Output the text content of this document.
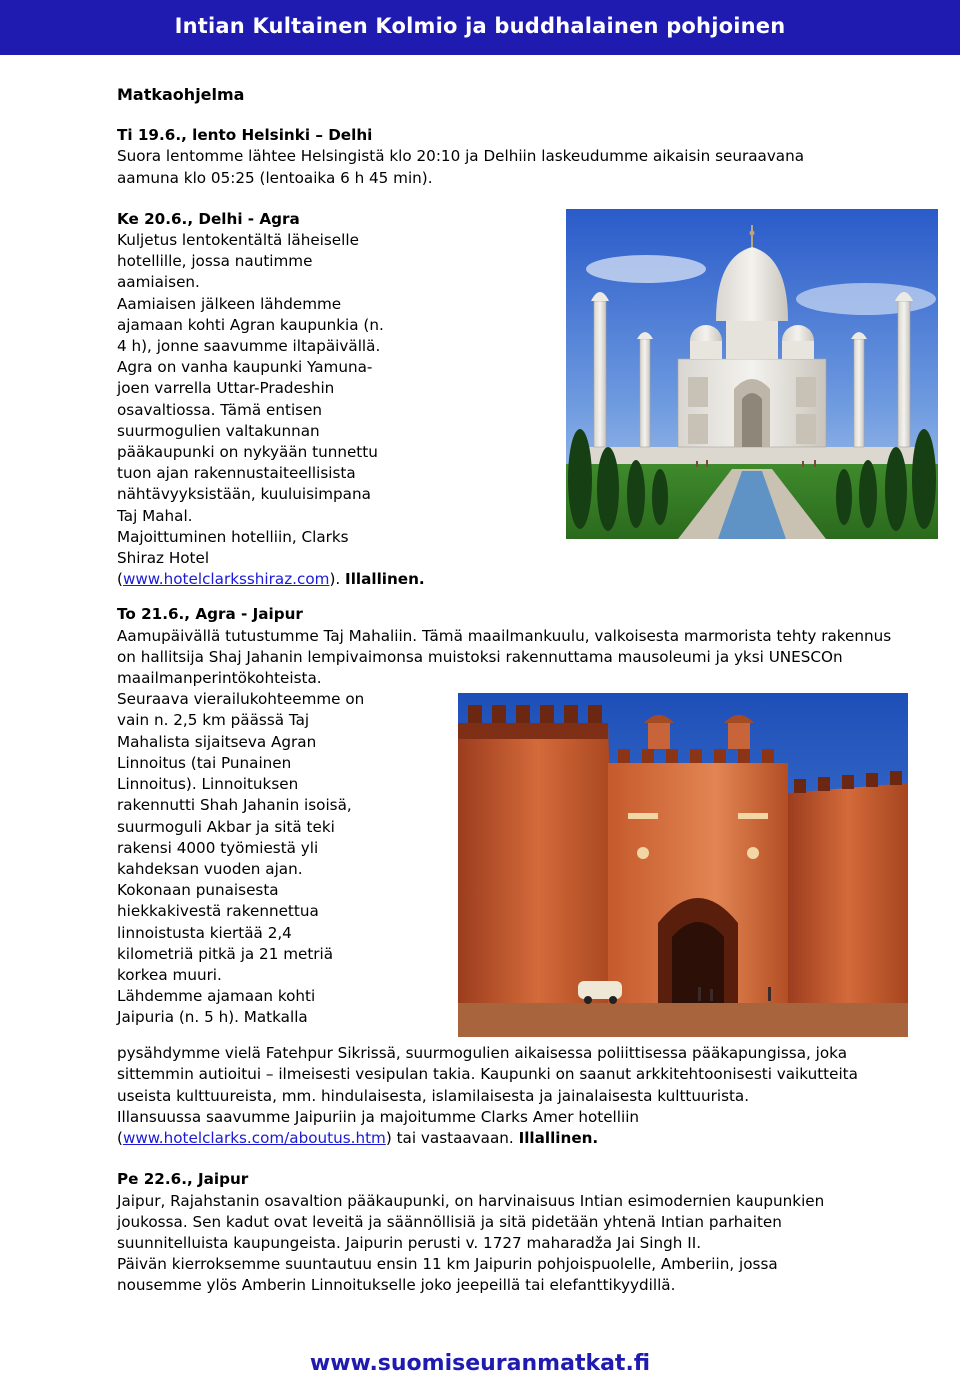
Intian Kultainen Kolmio ja buddhalainen pohjoinen

Matkaohjelma

Ti 19.6., lento Helsinki – Delhi

Suora lentomme lähtee Helsingistä klo 20:10 ja Delhiin laskeudumme aikaisin seuraavana

aamuna klo 05:25 (lentoaika 6 h 45 min).

Ke 20.6., Delhi - Agra

Kuljetus lentokentältä läheiselle

hotellille, jossa nautimme

aamiaisen.

Aamiaisen jälkeen lähdemme

ajamaan kohti Agran kaupunkia (n.

4 h), jonne saavumme iltapäivällä.

Agra on vanha kaupunki Yamuna-

joen varrella Uttar-Pradeshin

osavaltiossa. Tämä entisen

suurmogulien valtakunnan

pääkaupunki on nykyään tunnettu

tuon ajan rakennustaiteellisista

nähtävyyksistään, kuuluisimpana

Taj Mahal.

Majoittuminen hotelliin, Clarks

Shiraz Hotel

(www.hotelclarksshiraz.com). Illallinen.

To 21.6., Agra - Jaipur

Aamupäivällä tutustumme Taj Mahaliin. Tämä maailmankuulu, valkoisesta marmorista tehty rakennus

on hallitsija Shaj Jahanin lempivaimonsa muistoksi rakennuttama mausoleumi ja yksi UNESCOn

maailmanperintökohteista.

Seuraava vierailukohteemme on

vain n. 2,5 km päässä Taj

Mahalista sijaitseva Agran

Linnoitus (tai Punainen

Linnoitus). Linnoituksen

rakennutti Shah Jahanin isoisä,

suurmoguli Akbar ja sitä teki

rakensi 4000 työmiestä yli

kahdeksan vuoden ajan.

Kokonaan punaisesta

hiekkakivestä rakennettua

linnoistusta kiertää 2,4

kilometriä pitkä ja 21 metriä

korkea muuri.

Lähdemme ajamaan kohti

Jaipuria (n. 5 h). Matkalla

pysähdymme vielä Fatehpur Sikrissä, suurmogulien aikaisessa poliittisessa pääkapungissa, joka

sittemmin autioitui – ilmeisesti vesipulan takia. Kaupunki on saanut arkkitehtoonisesti vaikutteita

useista kulttuureista, mm. hindulaisesta, islamilaisesta ja jainalaisesta kulttuurista.

Illansuussa saavumme Jaipuriin ja majoitumme Clarks Amer hotelliin

(www.hotelclarks.com/aboutus.htm) tai vastaavaan. Illallinen.

Pe 22.6., Jaipur

Jaipur, Rajahstanin osavaltion pääkaupunki, on harvinaisuus Intian esimodernien kaupunkien

joukossa. Sen kadut ovat leveitä ja säännöllisiä ja sitä pidetään yhtenä Intian parhaiten

suunnitelluista kaupungeista. Jaipurin perusti v. 1727 maharadža Jai Singh II.

Päivän kierroksemme suuntautuu ensin 11 km Jaipurin pohjoispuolelle, Amberiin, jossa

nousemme ylös Amberin Linnoitukselle joko jeepeillä tai elefanttikyydillä.

www.suomiseuranmatkat.fi
